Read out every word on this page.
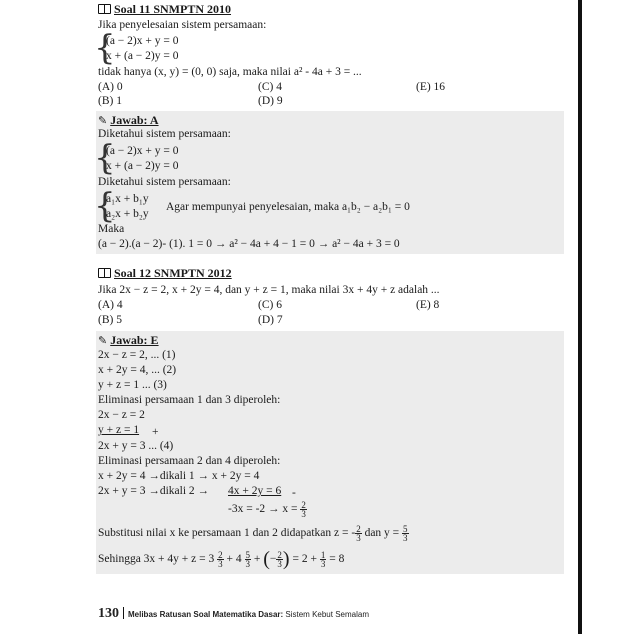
Soal 11 SNMPTN 2010
Jika penyelesaian sistem persamaan:
{
(a − 2)x + y = 0
x + (a − 2)y = 0
tidak hanya (x, y) = (0, 0) saja, maka nilai a² - 4a + 3 = ...
(A) 0	(C) 4	(E) 16
(B) 1	(D) 9
✎ Jawab: A
Diketahui sistem persamaan:
{
(a − 2)x + y = 0
x + (a − 2)y = 0
Diketahui sistem persamaan:
{
a₁x + b₁y
a₂x + b₂y
Agar mempunyai penyelesaian, maka a₁b₂ − a₂b₁ = 0
Maka
(a − 2).(a − 2)- (1). 1 = 0 → a² − 4a + 4 − 1 = 0 → a² − 4a + 3 = 0
Soal 12 SNMPTN 2012
Jika 2x − z = 2, x + 2y = 4, dan y + z = 1, maka nilai 3x + 4y + z adalah ...
(A) 4	(C) 6	(E) 8
(B) 5	(D) 7
✎ Jawab: E
2x − z = 2, ... (1)
x + 2y = 4, ... (2)
y + z = 1 ... (3)
Eliminasi persamaan 1 dan 3 diperoleh:
2x − z = 2
y + z = 1 +
2x + y = 3 ... (4)
Eliminasi persamaan 2 dan 4 diperoleh:
x + 2y = 4 →dikali 1 → x + 2y = 4
2x + y = 3 →dikali 2 → 4x + 2y = 6 -
$-3x = -2 \to x = \frac{2}{3}$
Substitusi nilai x ke persamaan 1 dan 2 didapatkan z = - $\frac{2}{3}$ dan $y = \frac{5}{3}$
Sehingga $3x + 4y + z = 3 \frac{2}{3} + 4 \frac{5}{3}$ + (− $\frac{2}{3}$ ) = $2 + \frac{1}{3} = 8$
130 Melibas Ratusan Soal Matematika Dasar: Sistem Kebut Semalam
